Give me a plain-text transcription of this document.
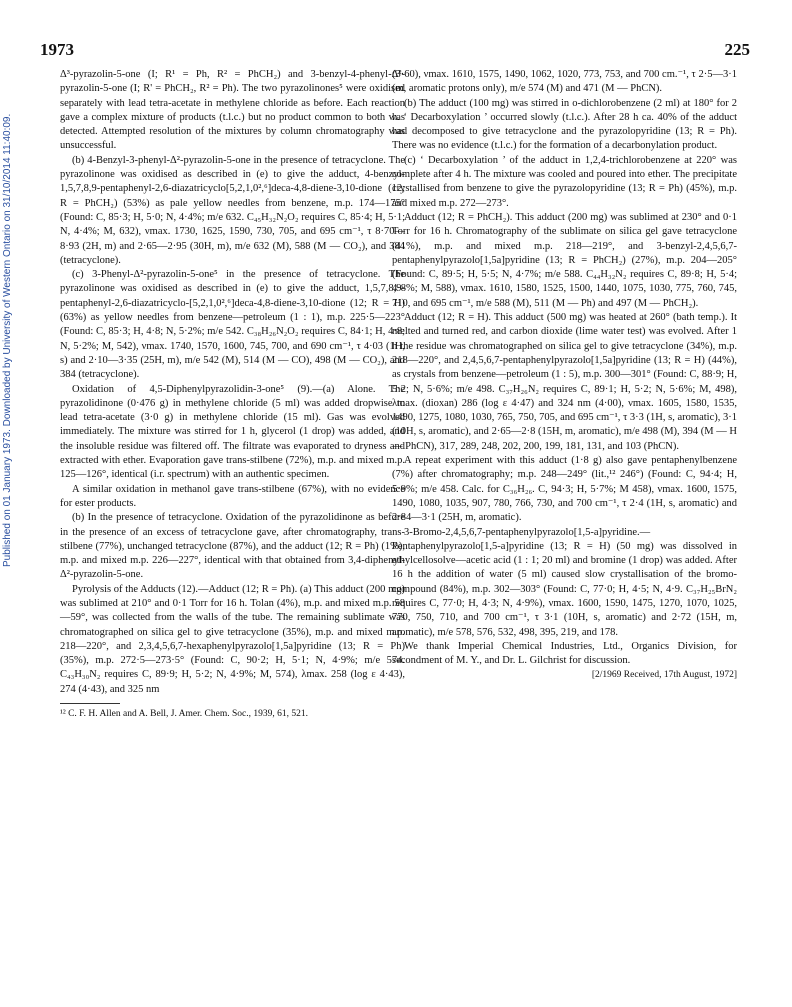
1973	225
Published on 01 January 1973. Downloaded by University of Western Ontario on 31/10/2014 11:40:09.

Δ³-pyrazolin-5-one (I; R¹ = Ph, R² = PhCH₂) and 3-benzyl-4-phenyl-Δ²-pyrazolin-5-one (I; R' = PhCH₂, R² = Ph). The two pyrazolinones⁵ were oxidised separately with lead tetra-acetate in methylene chloride as before. Each reaction gave a complex mixture of products (t.l.c.) but no product common to both was detected. Attempted resolution of the mixtures by column chromatography was unsuccessful.

(b) 4-Benzyl-3-phenyl-Δ²-pyrazolin-5-one in the presence of tetracyclone. The pyrazolinone was oxidised as described in (e) to give the adduct, 4-benzyl-1,5,7,8,9-pentaphenyl-2,6-diazatricyclo[5,2,1,0²,⁶]deca-4,8-diene-3,10-dione (12; R = PhCH₂) (53%) as pale yellow needles from benzene, m.p. 174—175° (Found: C, 85·3; H, 5·0; N, 4·4%; m/e 632. C₄₅H₃₂N₂O₂ requires C, 85·4; H, 5·1; N, 4·4%; M, 632), νmax. 1730, 1625, 1590, 730, 705, and 695 cm⁻¹, τ 8·70—8·93 (2H, m) and 2·65—2·95 (30H, m), m/e 632 (M), 588 (M — CO₂), and 384 (tetracyclone).

(c) 3-Phenyl-Δ²-pyrazolin-5-one⁵ in the presence of tetracyclone. The pyrazolinone was oxidised as described in (e) to give the adduct, 1,5,7,8,9-pentaphenyl-2,6-diazatricyclo-[5,2,1,0²,⁶]deca-4,8-diene-3,10-dione (12; R = H) (63%) as yellow needles from benzene—petroleum (1 : 1), m.p. 225·5—223° (Found: C, 85·3; H, 4·8; N, 5·2%; m/e 542. C₃₈H₂₆N₂O₂ requires C, 84·1; H, 4·8; N, 5·2%; M, 542), νmax. 1740, 1570, 1600, 745, 700, and 690 cm⁻¹, τ 4·03 (1H, s) and 2·10—3·35 (25H, m), m/e 542 (M), 514 (M — CO), 498 (M — CO₂), and 384 (tetracyclone).

Oxidation of 4,5-Diphenylpyrazolidin-3-one⁵ (9).—(a) Alone. The pyrazolidinone (0·476 g) in methylene chloride (5 ml) was added dropwise to lead tetra-acetate (3·0 g) in methylene chloride (15 ml). Gas was evolved immediately. The mixture was stirred for 1 h, glycerol (1 drop) was added, and the insoluble residue was filtered off. The filtrate was evaporated to dryness and extracted with ether. Evaporation gave trans-stilbene (72%), m.p. and mixed m.p. 125—126°, identical (i.r. spectrum) with an authentic specimen.

A similar oxidation in methanol gave trans-stilbene (67%), with no evidence for ester products.

(b) In the presence of tetracyclone. Oxidation of the pyrazolidinone as before in the presence of an excess of tetracyclone gave, after chromatography, trans-stilbene (77%), unchanged tetracyclone (87%), and the adduct (12; R = Ph) (1%), m.p. and mixed m.p. 226—227°, identical with that obtained from 3,4-diphenyl-Δ²-pyrazolin-5-one.

Pyrolysis of the Adducts (12).—Adduct (12; R = Ph). (a) This adduct (200 mg) was sublimed at 210° and 0·1 Torr for 16 h. Tolan (4%), m.p. and mixed m.p. 58—59°, was collected from the walls of the tube. The remaining sublimate was chromatographed on silica gel to give tetracyclone (35%), m.p. and mixed m.p. 218—220°, and 2,3,4,5,6,7-hexaphenylpyrazolo[1,5a]pyridine (13; R = Ph) (35%), m.p. 272·5—273·5° (Found: C, 90·2; H, 5·1; N, 4·9%; m/e 574. C₄₃H₃₀N₂ requires C, 89·9; H, 5·2; N, 4·9%; M, 574), λmax. 258 (log ε 4·43), 274 (4·43), and 325 nm

¹² C. F. H. Allen and A. Bell, J. Amer. Chem. Soc., 1939, 61, 521.

(3·60), νmax. 1610, 1575, 1490, 1062, 1020, 773, 753, and 700 cm.⁻¹, τ 2·5—3·1 (m, aromatic protons only), m/e 574 (M) and 471 (M — PhCN).

(b) The adduct (100 mg) was stirred in o-dichlorobenzene (2 ml) at 180° for 2 h. ‘ Decarboxylation ’ occurred slowly (t.l.c.). After 28 h ca. 40% of the adduct had decomposed to give tetracyclone and the pyrazolopyridine (13; R = Ph). There was no evidence (t.l.c.) for the formation of a decarbonylation product.

(c) ‘ Decarboxylation ’ of the adduct in 1,2,4-trichlorobenzene at 220° was complete after 4 h. The mixture was cooled and poured into ether. The precipitate crystallised from benzene to give the pyrazolopyridine (13; R = Ph) (45%), m.p. and mixed m.p. 272—273°.

Adduct (12; R = PhCH₂). This adduct (200 mg) was sublimed at 230° and 0·1 Torr for 16 h. Chromatography of the sublimate on silica gel gave tetracyclone (41%), m.p. and mixed m.p. 218—219°, and 3-benzyl-2,4,5,6,7-pentaphenylpyrazolo[1,5a]pyridine (13; R = PhCH₂) (27%), m.p. 204—205° (Found: C, 89·5; H, 5·5; N, 4·7%; m/e 588. C₄₄H₃₂N₂ requires C, 89·8; H, 5·4; 4·8%; M, 588), νmax. 1610, 1580, 1525, 1500, 1440, 1075, 1030, 775, 760, 745, 710, and 695 cm⁻¹, m/e 588 (M), 511 (M — Ph) and 497 (M — PhCH₂).

Adduct (12; R = H). This adduct (500 mg) was heated at 260° (bath temp.). It melted and turned red, and carbon dioxide (lime water test) was evolved. After 1 h the residue was chromatographed on silica gel to give tetracyclone (34%), m.p. 218—220°, and 2,4,5,6,7-pentaphenylpyrazolo[1,5a]pyridine (13; R = H) (44%), as crystals from benzene—petroleum (1 : 5), m.p. 300—301° (Found: C, 88·9; H, 5·2; N, 5·6%; m/e 498. C₃₇H₂₆N₂ requires C, 89·1; H, 5·2; N, 5·6%; M, 498), λmax. (dioxan) 286 (log ε 4·47) and 324 nm (4·00), νmax. 1605, 1580, 1535, 1490, 1275, 1080, 1030, 765, 750, 705, and 695 cm⁻¹, τ 3·3 (1H, s, aromatic), 3·1 (10H, s, aromatic), and 2·65—2·8 (15H, m, aromatic), m/e 498 (M), 394 (M — H — PhCN), 317, 289, 248, 202, 200, 199, 181, 131, and 103 (PhCN).

A repeat experiment with this adduct (1·8 g) also gave pentaphenylbenzene (7%) after chromatography; m.p. 248—249° (lit.,¹² 246°) (Found: C, 94·4; H, 5·9%; m/e 458. Calc. for C₃₆H₂₆. C, 94·3; H, 5·7%; M 458), νmax. 1600, 1575, 1490, 1080, 1035, 907, 780, 766, 730, and 700 cm⁻¹, τ 2·4 (1H, s, aromatic) and 2·84—3·1 (25H, m, aromatic).

3-Bromo-2,4,5,6,7-pentaphenylpyrazolo[1,5-a]pyridine.—Pentaphenylpyrazolo[1,5-a]pyridine (13; R = H) (50 mg) was dissolved in ethylcellosolve—acetic acid (1 : 1; 20 ml) and bromine (1 drop) was added. After 16 h the addition of water (5 ml) caused slow crystallisation of the bromo-compound (84%), m.p. 302—303° (Found: C, 77·0; H, 4·5; N, 4·9. C₃₇H₂₅BrN₂ requires C, 77·0; H, 4·3; N, 4·9%), νmax. 1600, 1590, 1475, 1270, 1070, 1025, 770, 750, 710, and 700 cm⁻¹, τ 3·1 (10H, s, aromatic) and 2·72 (15H, m, aromatic), m/e 578, 576, 532, 498, 395, 219, and 178.

We thank Imperial Chemical Industries, Ltd., Organics Division, for secondment of M. Y., and Dr. L. Gilchrist for discussion.

[2/1969 Received, 17th August, 1972]
